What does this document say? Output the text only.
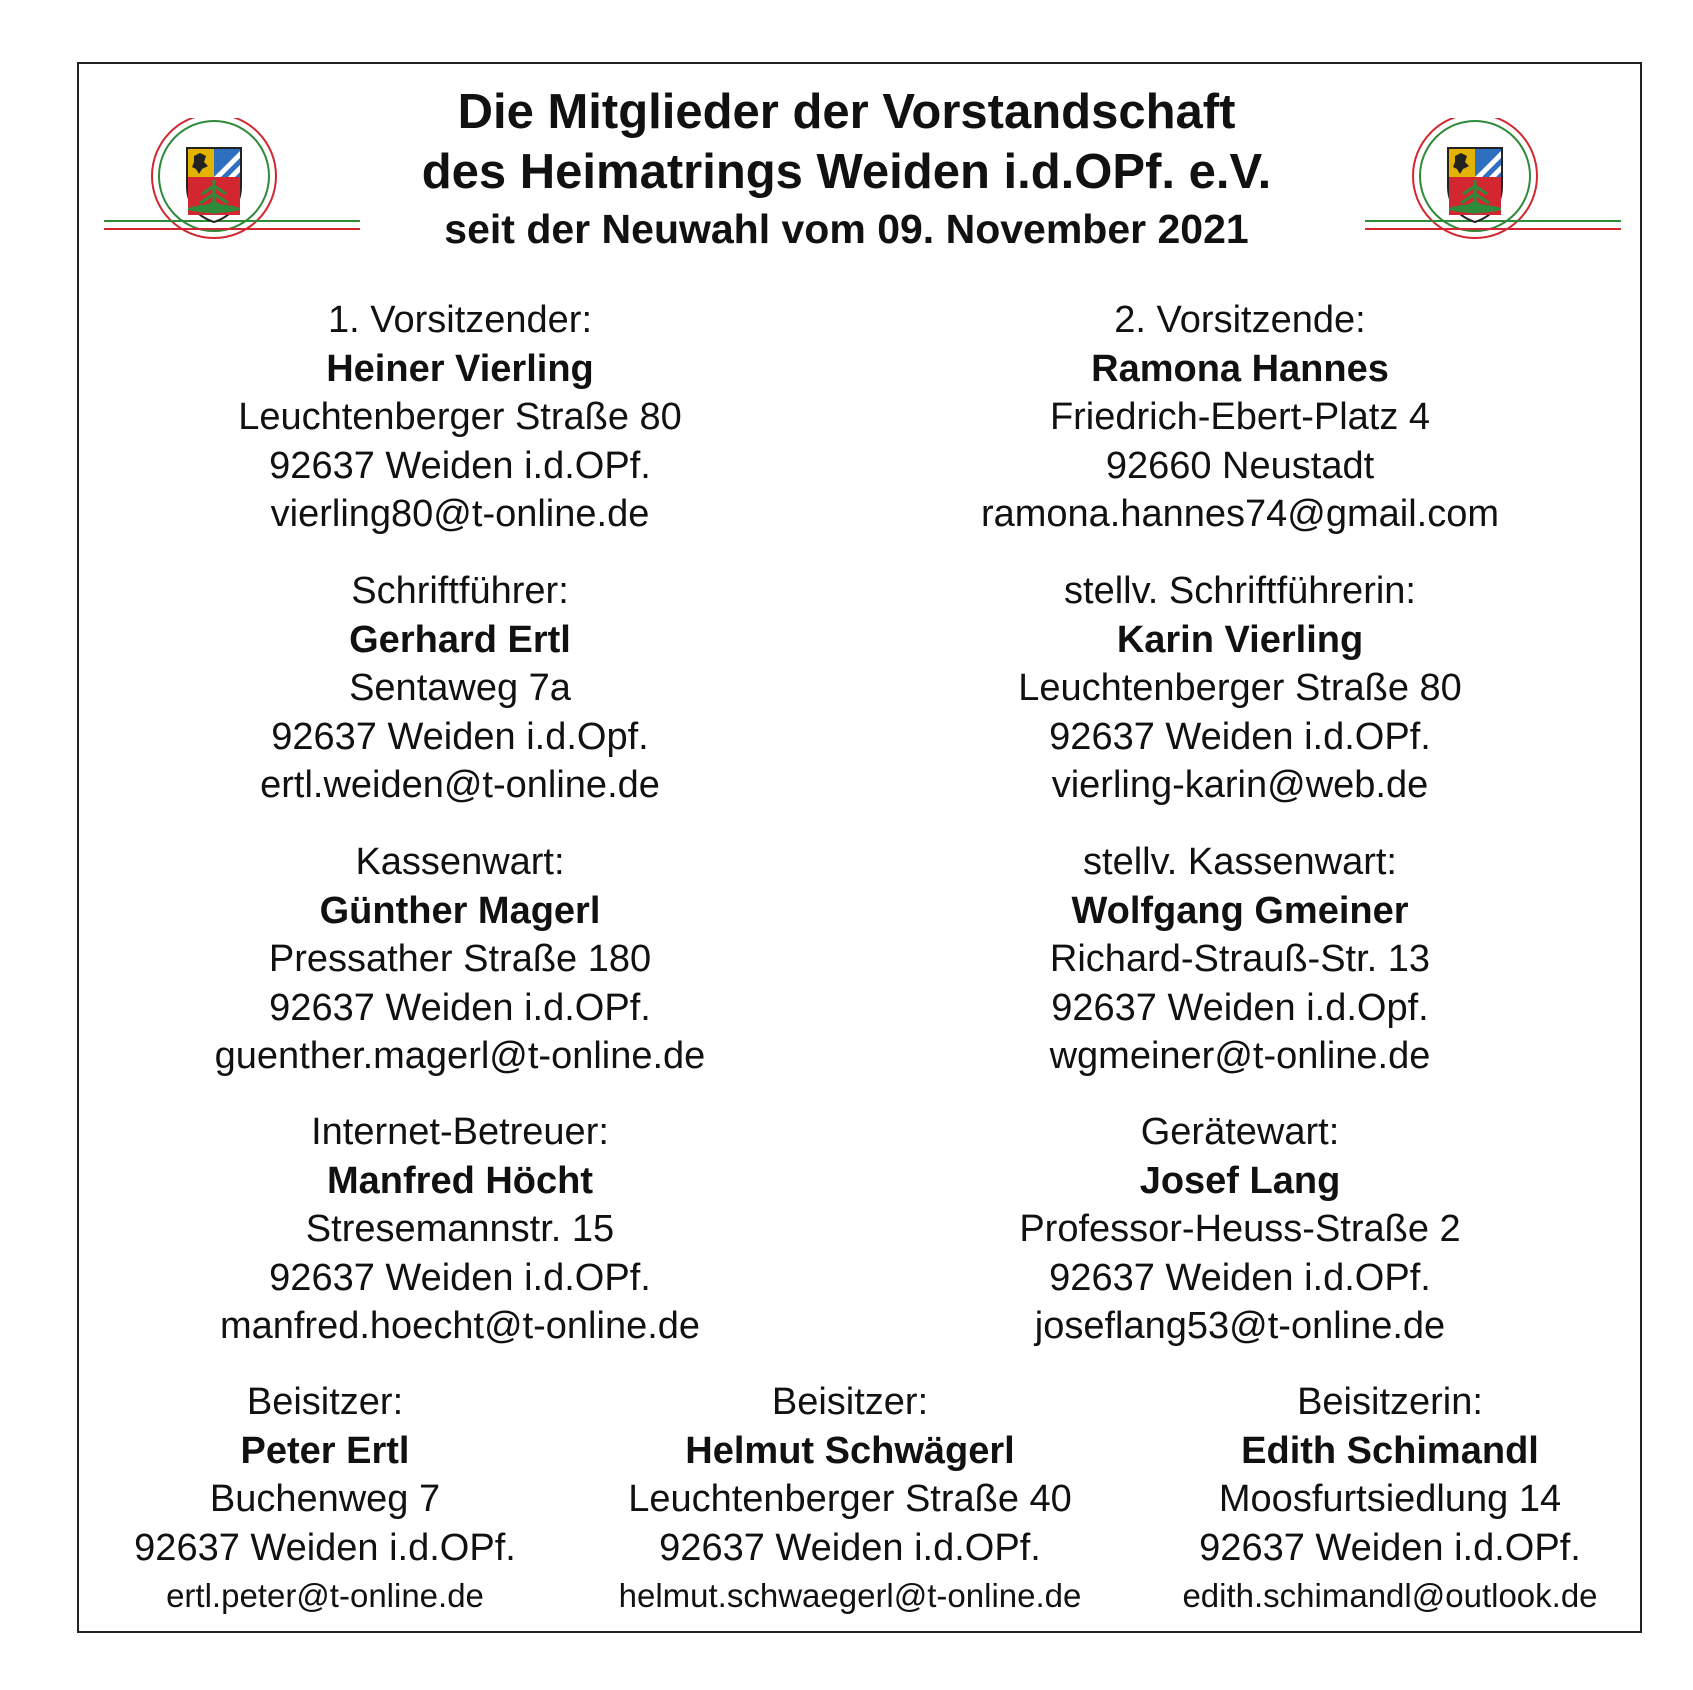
Die Mitglieder der Vorstandschaft
des Heimatrings Weiden i.d.OPf. e.V.
seit der Neuwahl vom 09. November 2021
1. Vorsitzender:
Heiner Vierling
Leuchtenberger Straße 80
92637 Weiden i.d.OPf.
vierling80@t-online.de
2. Vorsitzende:
Ramona Hannes
Friedrich-Ebert-Platz 4
92660 Neustadt
ramona.hannes74@gmail.com
Schriftführer:
Gerhard Ertl
Sentaweg 7a
92637 Weiden i.d.Opf.
ertl.weiden@t-online.de
stellv. Schriftführerin:
Karin Vierling
Leuchtenberger Straße 80
92637 Weiden i.d.OPf.
vierling-karin@web.de
Kassenwart:
Günther Magerl
Pressather Straße 180
92637 Weiden i.d.OPf.
guenther.magerl@t-online.de
stellv. Kassenwart:
Wolfgang Gmeiner
Richard-Strauß-Str. 13
92637 Weiden i.d.Opf.
wgmeiner@t-online.de
Internet-Betreuer:
Manfred Höcht
Stresemannstr. 15
92637 Weiden i.d.OPf.
manfred.hoecht@t-online.de
Gerätewart:
Josef Lang
Professor-Heuss-Straße 2
92637 Weiden i.d.OPf.
joseflang53@t-online.de
Beisitzer:
Peter Ertl
Buchenweg 7
92637 Weiden i.d.OPf.
ertl.peter@t-online.de
Beisitzer:
Helmut Schwägerl
Leuchtenberger Straße 40
92637 Weiden i.d.OPf.
helmut.schwaegerl@t-online.de
Beisitzerin:
Edith Schimandl
Moosfurtsiedlung 14
92637 Weiden i.d.OPf.
edith.schimandl@outlook.de
